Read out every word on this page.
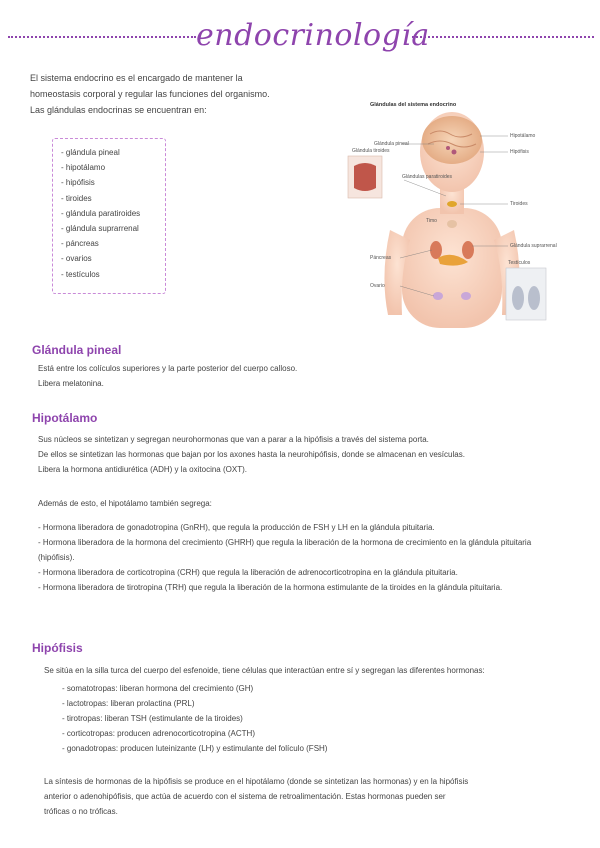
endocrinología

El sistema endocrino es el encargado de mantener la

homeostasis corporal y regular las funciones del organismo.

Las glándulas endocrinas se encuentran en:

- glándula pineal
- hipotálamo
- hipófisis
- tiroides
- glándula paratiroides
- glándula suprarrenal
- páncreas
- ovarios
- testículos
Glándulas del sistema endocrino
Glándula pineal
Hipotálamo
Hipófisis
Glándula tiroides
Glándulas paratiroides
Tiroides
Timo
Glándula suprarrenal
Páncreas
Ovario
Testículos
Glándula pineal

Está entre los colículos superiores y la parte posterior del cuerpo calloso.

Libera melatonina.

Hipotálamo

Sus núcleos se sintetizan y segregan neurohormonas que van a parar a la hipófisis a través del sistema porta.

De ellos se sintetizan las hormonas que bajan por los axones hasta la neurohipófisis, donde se almacenan en vesículas.

Libera la hormona antidiurética (ADH) y la oxitocina (OXT).

Además de esto, el hipotálamo también segrega:

- Hormona liberadora de gonadotropina (GnRH), que regula la producción de FSH y LH en la glándula pituitaria.
- Hormona liberadora de la hormona del crecimiento (GHRH) que regula la liberación de la hormona de crecimiento en la glándula pituitaria (hipófisis).
- Hormona liberadora de corticotropina (CRH) que regula la liberación de adrenocorticotropina en la glándula pituitaria.
- Hormona liberadora de tirotropina (TRH) que regula la liberación de la hormona estimulante de la tiroides en la glándula pituitaria.
Hipófisis

Se sitúa en la silla turca del cuerpo del esfenoide, tiene células que interactúan entre sí y segregan las diferentes hormonas:

- somatotropas: liberan hormona del crecimiento (GH)
- lactotropas: liberan prolactina (PRL)
- tirotropas: liberan TSH (estimulante de la tiroides)
- corticotropas: producen adrenocorticotropina (ACTH)
- gonadotropas: producen luteinizante (LH) y estimulante del folículo (FSH)

La síntesis de hormonas de la hipófisis se produce en el hipotálamo (donde se sintetizan las hormonas) y en la hipófisis

anterior o adenohipófisis, que actúa de acuerdo con el sistema de retroalimentación. Estas hormonas pueden ser

tróficas o no tróficas.
